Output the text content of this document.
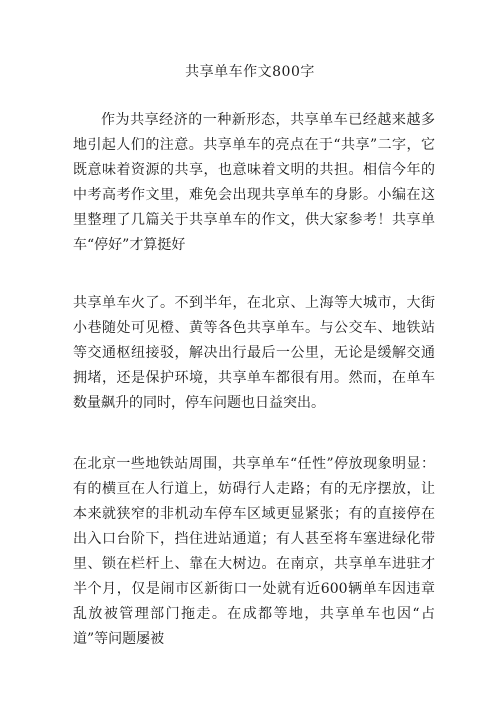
共享单车作文800字

作为共享经济的一种新形态，共享单车已经越来越多地引起人们的注意。共享单车的亮点在于“共享”二字，它既意味着资源的共享，也意味着文明的共担。相信今年的中考高考作文里，难免会出现共享单车的身影。小编在这里整理了几篇关于共享单车的作文，供大家参考！共享单车“停好”才算挺好

共享单车火了。不到半年，在北京、上海等大城市，大街小巷随处可见橙、黄等各色共享单车。与公交车、地铁站等交通枢纽接驳，解决出行最后一公里，无论是缓解交通拥堵，还是保护环境，共享单车都很有用。然而，在单车数量飙升的同时，停车问题也日益突出。

在北京一些地铁站周围，共享单车“任性”停放现象明显：有的横亘在人行道上，妨碍行人走路；有的无序摆放，让本来就狭窄的非机动车停车区域更显紧张；有的直接停在出入口台阶下，挡住进站通道；有人甚至将车塞进绿化带里、锁在栏杆上、靠在大树边。在南京，共享单车进驻才半个月，仅是闹市区新街口一处就有近600辆单车因违章乱放被管理部门拖走。在成都等地，共享单车也因“占道”等问题屡被
